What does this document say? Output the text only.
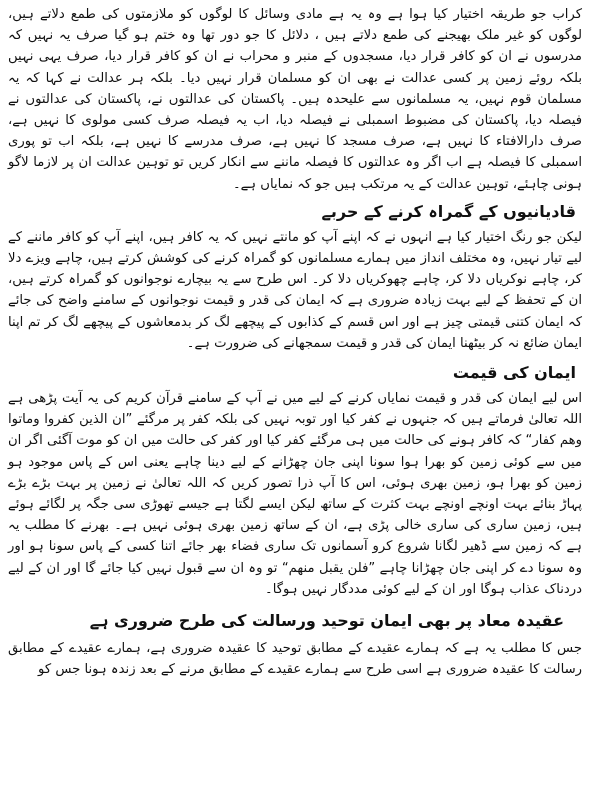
کراب جو طریقہ اختیار کیا ہوا ہے وہ یہ ہے مادی وسائل کا لوگوں کو ملازمتوں کی طمع دلاتے ہیں، لوگوں کو غیر ملک بھیجنے کی طمع دلاتے ہیں ، دلائل کا جو دور تھا وہ ختم ہو گیا صرف یہ نہیں کہ مدرسوں نے ان کو کافر قرار دیا، مسجدوں کے منبر و محراب نے ان کو کافر قرار دیا، صرف یہی نہیں بلکہ روئے زمین پر کسی عدالت نے بھی ان کو مسلمان قرار نہیں دیا۔ بلکہ ہر عدالت نے کہا کہ یہ مسلمان قوم نہیں، یہ مسلمانوں سے علیحدہ ہیں۔ پاکستان کی عدالتوں نے، پاکستان کی عدالتوں نے فیصلہ دیا، پاکستان کی مضبوط اسمبلی نے فیصلہ دیا، اب یہ فیصلہ صرف کسی مولوی کا نہیں ہے، صرف دارالافتاء کا نہیں ہے، صرف مسجد کا نہیں ہے، صرف مدرسے کا نہیں ہے، بلکہ اب تو پوری اسمبلی کا فیصلہ ہے اب اگر وہ عدالتوں کا فیصلہ ماننے سے انکار کریں تو توہین عدالت ان پر لازما لاگو ہونی چاہئے، توہین عدالت کے یہ مرتکب ہیں جو کہ نمایاں ہے۔

قادیانیوں کے گمراہ کرنے کے حربے

لیکن جو رنگ اختیار کیا ہے انہوں نے کہ اپنے آپ کو مانتے نہیں کہ یہ کافر ہیں، اپنے آپ کو کافر ماننے کے لیے تیار نہیں، وہ مختلف انداز میں ہمارے مسلمانوں کو گمراہ کرنے کی کوشش کرتے ہیں، چاہے ویزے دلا کر، چاہے نوکریاں دلا کر، چاہے چھوکریاں دلا کر۔ اس طرح سے یہ بیچارے نوجوانوں کو گمراہ کرتے ہیں، ان کے تحفظ کے لیے بہت زیادہ ضروری ہے کہ ایمان کی قدر و قیمت نوجوانوں کے سامنے واضح کی جائے کہ ایمان کتنی قیمتی چیز ہے اور اس قسم کے کذابوں کے پیچھے لگ کر بدمعاشوں کے پیچھے لگ کر تم اپنا ایمان ضائع نہ کر بیٹھنا ایمان کی قدر و قیمت سمجھانے کی ضرورت ہے۔

ایمان کی قیمت

اس لیے ایمان کی قدر و قیمت نمایاں کرنے کے لیے میں نے آپ کے سامنے قرآن کریم کی یہ آیت پڑھی ہے اللہ تعالیٰ فرماتے ہیں کہ جنہوں نے کفر کیا اور توبہ نہیں کی بلکہ کفر پر مرگئے ”ان الذین کفروا وماتوا وھم کفار“ کہ کافر ہونے کی حالت میں ہی مرگئے کفر کیا اور کفر کی حالت میں ان کو موت آگئی اگر ان میں سے کوئی زمین کو بھرا ہوا سونا اپنی جان چھڑانے کے لیے دینا چاہے یعنی اس کے پاس موجود ہو زمین کو بھرا ہو، زمین بھری ہوئی، اس کا آپ ذرا تصور کریں کہ اللہ تعالیٰ نے زمین پر بہت بڑے بڑے پہاڑ بنائے بہت اونچے اونچے بہت کثرت کے ساتھ لیکن ایسے لگتا ہے جیسے تھوڑی سی جگہ پر لگائے ہوئے ہیں، زمین ساری کی ساری خالی پڑی ہے، ان کے ساتھ زمین بھری ہوئی نہیں ہے۔ بھرنے کا مطلب یہ ہے کہ زمین سے ڈھیر لگانا شروع کرو آسمانوں تک ساری فضاء بھر جائے اتنا کسی کے پاس سونا ہو اور وہ سونا دے کر اپنی جان چھڑانا چاہے ”فلن یقبل منھم“ تو وہ ان سے قبول نہیں کیا جائے گا اور ان کے لیے دردناک عذاب ہوگا اور ان کے لیے کوئی مددگار نہیں ہوگا۔

عقیدہ معاد پر بھی ایمان توحید ورسالت کی طرح ضروری ہے

جس کا مطلب یہ ہے کہ ہمارے عقیدے کے مطابق توحید کا عقیدہ ضروری ہے، ہمارے عقیدے کے مطابق رسالت کا عقیدہ ضروری ہے اسی طرح سے ہمارے عقیدے کے مطابق مرنے کے بعد زندہ ہونا جس کو
